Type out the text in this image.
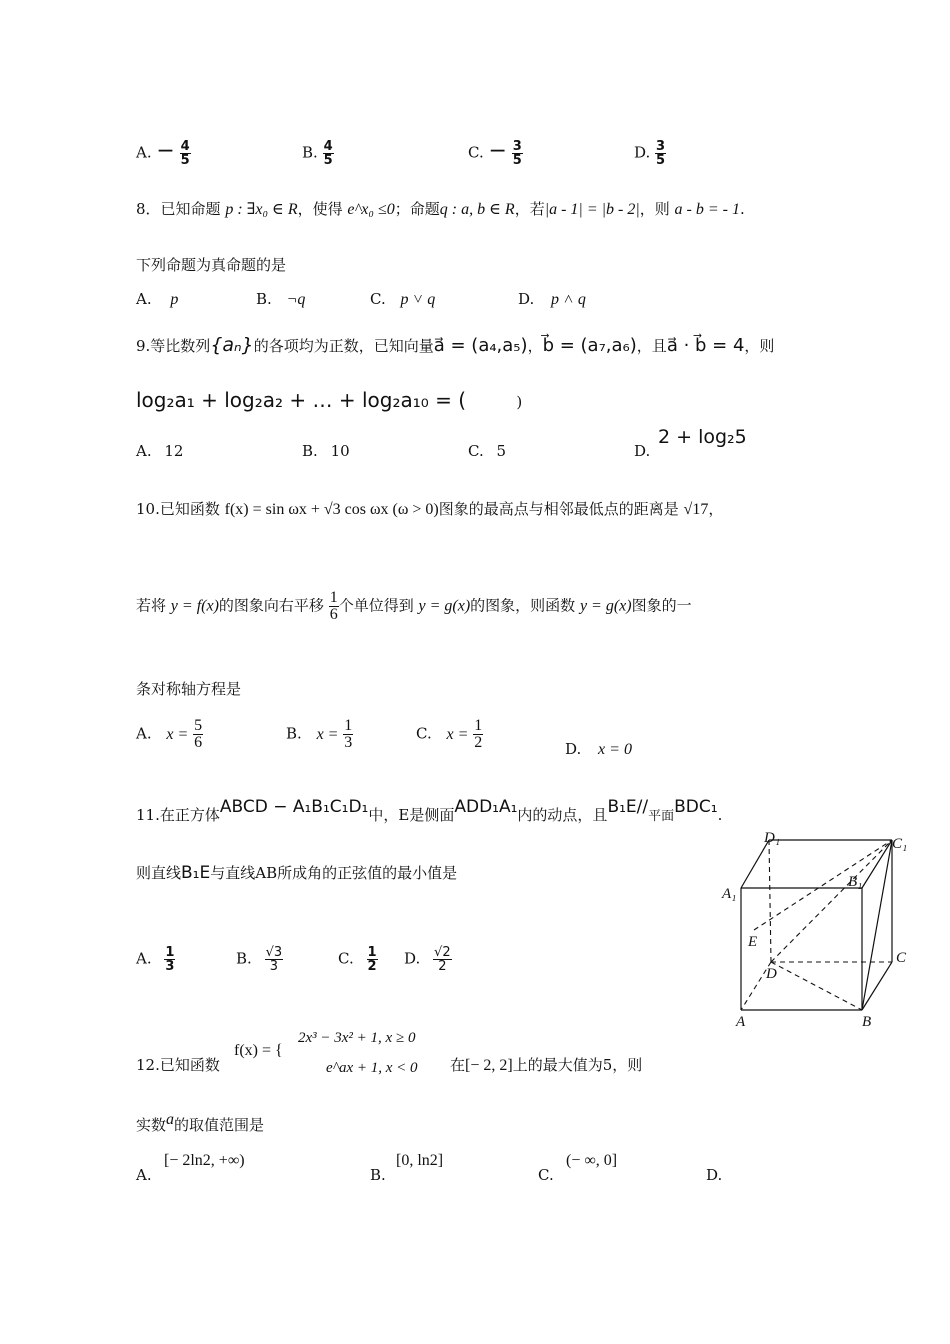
A. − $\frac{4}{5}$	B. $\frac{4}{5}$	C. − $\frac{3}{5}$	D. $\frac{3}{5}$
8．已知命题 p : ∃x₀ ∈ R，使得 e^x₀ ≤0；命题q : a, b ∈ R，若|a - 1| = |b - 2|，则 a - b = - 1.
下列命题为真命题的是
A. p	B. ¬q	C. p ˅ q	D. p ˄ q
9.等比数列{aₙ}的各项均为正数，已知向量a⃗ = (a₄,a₅)，b⃗ = (a₇,a₆)，且a⃗ · b⃗ = 4，则
log₂a₁ + log₂a₂ + … + log₂a₁₀ = (	)
A. 12	B. 10	C. 5	D.
2 + log₂5
10.已知函数 f(x) = sin ωx + √3 cos ωx (ω > 0)图象的最高点与相邻最低点的距离是 √17，
若将 y = f(x)的图象向右平移 $\frac{1}{6}$ 个单位得到 y = g(x)的图象，则函数 y = g(x)图象的一
条对称轴方程是
A. $x = \frac{5}{6}$	B. $x = \frac{1}{3}$	C. $x = \frac{1}{2}$	D. x = 0
11.在正方体ABCD − A₁B₁C₁D₁中，E是侧面ADD₁A₁内的动点，且B₁E//平面BDC₁.
则直线B₁E与直线AB所成角的正弦值的最小值是
A. $\frac{1}{3}$	B. $\frac{√3}{3}$	C. $\frac{1}{2} D$. $\frac{√2}{2}$
D₁	C₁
A₁
B₁
E
D
C
A	B
12.已知函数
f(x) = {
2x³ − 3x² + 1, x ≥ 0
e^ax + 1, x < 0 在[− 2, 2]上的最大值为5，则
实数a的取值范围是
A.
[− 2ln2, +∞)
B.
[0, ln2]
C.
(− ∞, 0]
D.
